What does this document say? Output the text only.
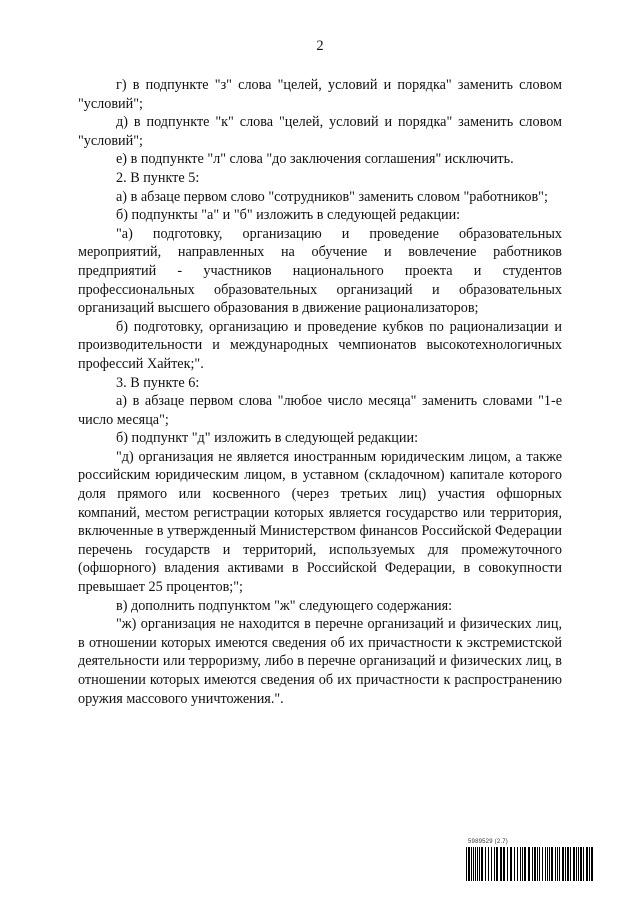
2

г) в подпункте "з" слова "целей, условий и порядка" заменить словом "условий";

д) в подпункте "к" слова "целей, условий и порядка" заменить словом "условий";

е) в подпункте "л" слова "до заключения соглашения" исключить.

2. В пункте 5:

а) в абзаце первом слово "сотрудников" заменить словом "работников";

б) подпункты "а" и "б" изложить в следующей редакции:

"а) подготовку, организацию и проведение образовательных мероприятий, направленных на обучение и вовлечение работников предприятий - участников национального проекта и студентов профессиональных образовательных организаций и образовательных организаций высшего образования в движение рационализаторов;

б) подготовку, организацию и проведение кубков по рационализации и производительности и международных чемпионатов высокотехнологичных профессий Хайтек;".

3. В пункте 6:

а) в абзаце первом слова "любое число месяца" заменить словами "1-е число месяца";

б) подпункт "д" изложить в следующей редакции:

"д) организация не является иностранным юридическим лицом, а также российским юридическим лицом, в уставном (складочном) капитале которого доля прямого или косвенного (через третьих лиц) участия офшорных компаний, местом регистрации которых является государство или территория, включенные в утвержденный Министерством финансов Российской Федерации перечень государств и территорий, используемых для промежуточного (офшорного) владения активами в Российской Федерации, в совокупности превышает 25 процентов;";

в) дополнить подпунктом "ж" следующего содержания:

"ж) организация не находится в перечне организаций и физических лиц, в отношении которых имеются сведения об их причастности к экстремистской деятельности или терроризму, либо в перечне организаций и физических лиц, в отношении которых имеются сведения об их причастности к распространению оружия массового уничтожения.".

5989529 (2.7)
